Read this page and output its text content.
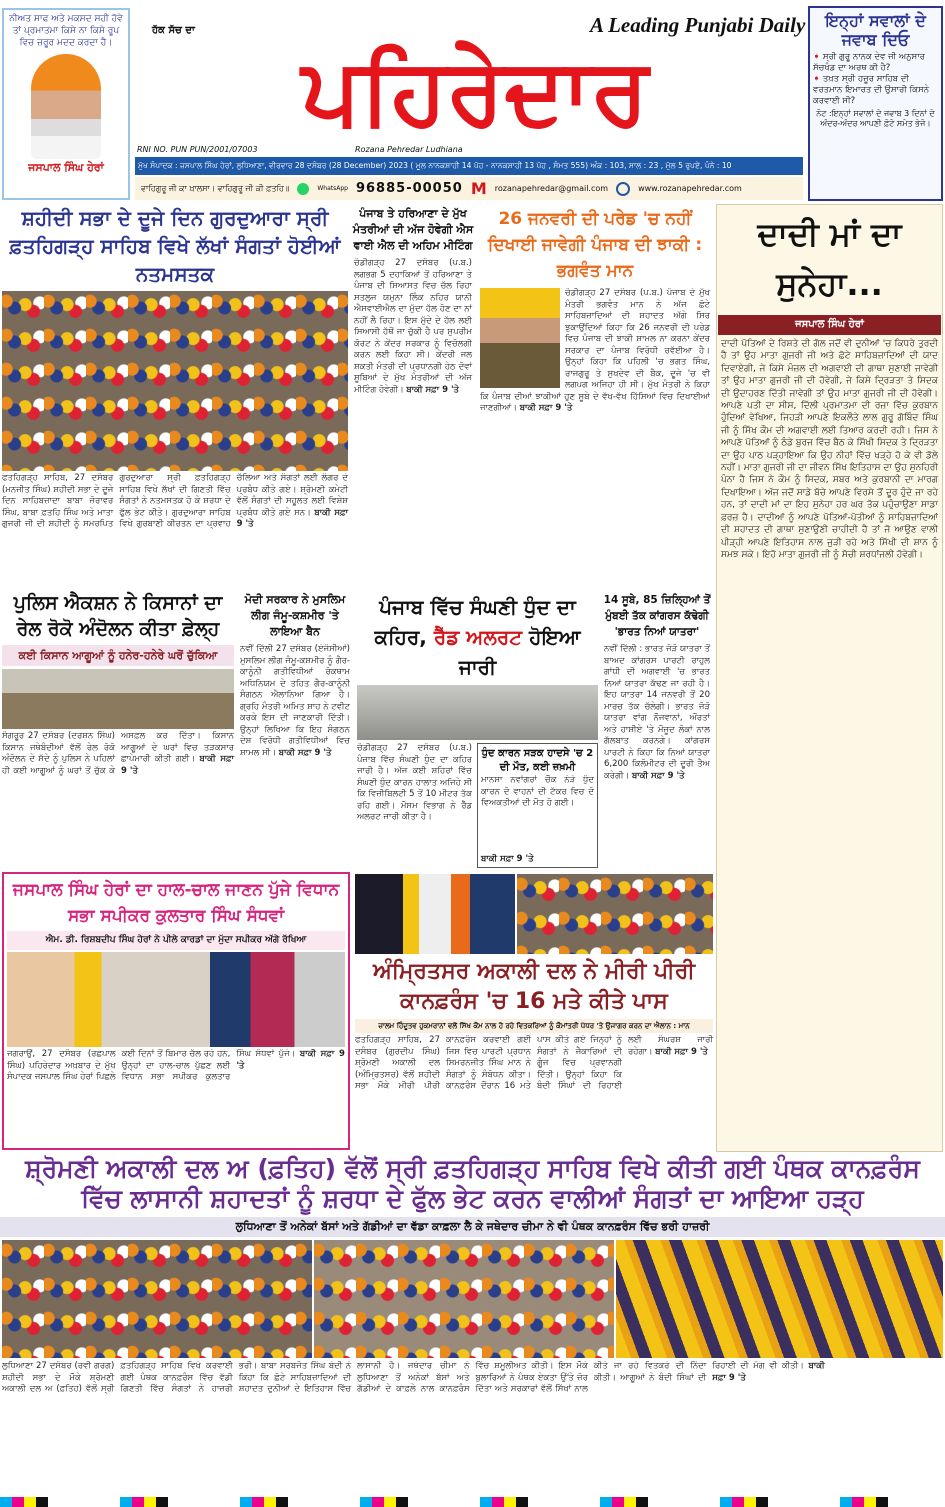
ਨੀਅਤ ਸਾਫ ਅਤੇ ਮਕਸਦ ਸਹੀ ਹੋਵੇ ਤਾਂ ਪ੍ਰਮਾਤਮਾ ਕਿਸੇ ਨਾ ਕਿਸੇ ਰੂਪ ਵਿਚ ਜ਼ਰੂਰ ਮਦਦ ਕਰਦਾ ਹੈ।
ਜਸਪਾਲ ਸਿੰਘ ਹੇਰਾਂ
ਹੱਕ ਸੱਚ ਦਾ	A Leading Punjabi Daily
ਪਹਿਰੇਦਾਰ
RNI NO. PUN PUN/2001/07003	Rozana Pehredar Ludhiana
ਮੁੱਖ ਸੰਪਾਦਕ : ਜਸਪਾਲ ਸਿੰਘ ਹੇਰਾਂ, ਲੁਧਿਆਣਾ, ਵੀਰਵਾਰ 28 ਦਸੰਬਰ (28 December) 2023 ( ਮੂਲ ਨਾਨਕਸ਼ਾਹੀ 14 ਪੋਹ - ਨਾਨਕਸ਼ਾਹੀ 13 ਪੋਹ , ਸੰਮਤ 555) ਅੰਕ : 103, ਸਾਲ : 23 , ਮੁੱਲ 5 ਰੁਪਏ, ਪੰਨੇ : 10
ਵਾਹਿਗੁਰੂ ਜੀ ਕਾ ਖ਼ਾਲਸਾ। ਵਾਹਿਗੁਰੂ ਜੀ ਕੀ ਫ਼ਤਹਿ॥	WhatsApp 96885-00050 M rozanapehredar@gmail.com	www.rozanapehredar.com
ਇਨ੍ਹਾਂ ਸਵਾਲਾਂ ਦੇ ਜਵਾਬ ਦਿਓ
➧ ਸ੍ਰੀ ਗੁਰੂ ਨਾਨਕ ਦੇਵ ਜੀ ਅਨੁਸਾਰ ਸੱਚਖੰਡ ਦਾ ਅਰਥ ਕੀ ਹੈ?
➧ ਤਖ਼ਤ ਸ੍ਰੀ ਹਜ਼ੂਰ ਸਾਹਿਬ ਦੀ ਵਰਤਮਾਨ ਇਮਾਰਤ ਦੀ ਉਸਾਰੀ ਕਿਸਨੇ ਕਰਵਾਈ ਸੀ?
ਨੋਟ :ਇਨ੍ਹਾਂ ਸਵਾਲਾਂ ਦੇ ਜਵਾਬ 3 ਦਿਨਾਂ ਦੇ ਅੰਦਰ-ਅੰਦਰ ਆਪਣੀ ਫ਼ੋਟੋ ਸਮੇਤ ਭੇਜੋ।
ਸ਼ਹੀਦੀ ਸਭਾ ਦੇ ਦੂਜੇ ਦਿਨ ਗੁਰਦੁਆਰਾ ਸ੍ਰੀ ਫ਼ਤਹਿਗੜ੍ਹ ਸਾਹਿਬ ਵਿਖੇ ਲੱਖਾਂ ਸੰਗਤਾਂ ਹੋਈਆਂ ਨਤਮਸਤਕ
ਫਤਹਿਗੜ੍ਹ ਸਾਹਿਬ, 27 ਦਸੰਬਰ (ਮਨਜੀਤ ਸਿੰਘ) ਸ਼ਹੀਦੀ ਸਭਾ ਦੇ ਦੂਜੇ ਦਿਨ ਸਾਹਿਬਜ਼ਾਦਾ ਬਾਬਾ ਜ਼ੋਰਾਵਰ ਸਿੰਘ, ਬਾਬਾ ਫ਼ਤਹਿ ਸਿੰਘ ਅਤੇ ਮਾਤਾ ਗੁਜਰੀ ਜੀ ਦੀ ਸ਼ਹੀਦੀ ਨੂੰ ਸਮਰਪਿਤ ਗੁਰਦੁਆਰਾ ਸ੍ਰੀ ਫ਼ਤਹਿਗੜ੍ਹ ਸਾਹਿਬ ਵਿਖੇ ਲੱਖਾਂ ਦੀ ਗਿਣਤੀ ਵਿੱਚ ਸੰਗਤਾਂ ਨੇ ਨਤਮਸਤਕ ਹੋ ਕੇ ਸ਼ਰਧਾ ਦੇ ਫੁੱਲ ਭੇਟ ਕੀਤੇ। ਗੁਰਦੁਆਰਾ ਸਾਹਿਬ ਵਿਖੇ ਗੁਰਬਾਣੀ ਕੀਰਤਨ ਦਾ ਪ੍ਰਵਾਹ ਚੱਲਿਆ ਅਤੇ ਸੰਗਤਾਂ ਲਈ ਲੰਗਰ ਦੇ ਪ੍ਰਬੰਧ ਕੀਤੇ ਗਏ। ਸ਼੍ਰੋਮਣੀ ਕਮੇਟੀ ਵੱਲੋਂ ਸੰਗਤਾਂ ਦੀ ਸਹੂਲਤ ਲਈ ਵਿਸ਼ੇਸ਼ ਪ੍ਰਬੰਧ ਕੀਤੇ ਗਏ ਸਨ। ਬਾਕੀ ਸਫ਼ਾ 9 'ਤੇ
ਪੰਜਾਬ ਤੇ ਹਰਿਆਣਾ ਦੇ ਮੁੱਖ ਮੰਤਰੀਆਂ ਦੀ ਅੱਜ ਹੋਵੇਗੀ ਐਸ ਵਾਈ ਐਲ ਦੀ ਅਹਿਮ ਮੀਟਿੰਗ
ਚੰਡੀਗੜ੍ਹ 27 ਦਸੰਬਰ (ਪ.ਬ.) ਲਗਭਗ 5 ਦਹਾਕਿਆਂ ਤੋਂ ਹਰਿਆਣਾ ਤੇ ਪੰਜਾਬ ਦੀ ਸਿਆਸਤ ਵਿਚ ਚੱਲ ਰਿਹਾ ਸਤਲੁਜ ਯਮੁਨਾ ਲਿੰਕ ਨਹਿਰ ਯਾਨੀ ਐਸਵਾਈਐਲ ਦਾ ਮੁੱਦਾ ਹੱਲ ਹੋਣ ਦਾ ਨਾਂ ਨਹੀਂ ਲੈ ਰਿਹਾ। ਇਸ ਮੁੱਦੇ ਦੇ ਹੱਲ ਲਈ ਸਿਆਸੀ ਹੱਥੋਂ ਜਾ ਚੁੱਕੀ ਹੈ ਪਰ ਸੁਪਰੀਮ ਕੋਰਟ ਨੇ ਕੇਂਦਰ ਸਰਕਾਰ ਨੂੰ ਵਿਚੋਲਗੀ ਕਰਨ ਲਈ ਕਿਹਾ ਸੀ। ਕੇਂਦਰੀ ਜਲ ਸ਼ਕਤੀ ਮੰਤਰੀ ਦੀ ਪ੍ਰਧਾਨਗੀ ਹੇਠ ਦੋਵਾਂ ਸੂਬਿਆਂ ਦੇ ਮੁੱਖ ਮੰਤਰੀਆਂ ਦੀ ਅੱਜ ਮੀਟਿੰਗ ਹੋਵੇਗੀ। ਬਾਕੀ ਸਫ਼ਾ 9 'ਤੇ
26 ਜਨਵਰੀ ਦੀ ਪਰੇਡ 'ਚ ਨਹੀਂ ਦਿਖਾਈ ਜਾਵੇਗੀ ਪੰਜਾਬ ਦੀ ਝਾਕੀ : ਭਗਵੰਤ ਮਾਨ
ਚੰਡੀਗੜ੍ਹ 27 ਦਸੰਬਰ (ਪ.ਬ.) ਪੰਜਾਬ ਦੇ ਮੁੱਖ ਮੰਤਰੀ ਭਗਵੰਤ ਮਾਨ ਨੇ ਅੱਜ ਛੋਟੇ ਸਾਹਿਬਜ਼ਾਦਿਆਂ ਦੀ ਸ਼ਹਾਦਤ ਅੱਗੇ ਸਿਰ ਝੁਕਾਉਂਦਿਆਂ ਕਿਹਾ ਕਿ 26 ਜਨਵਰੀ ਦੀ ਪਰੇਡ ਵਿਚ ਪੰਜਾਬ ਦੀ ਝਾਕੀ ਸ਼ਾਮਲ ਨਾ ਕਰਨਾ ਕੇਂਦਰ ਸਰਕਾਰ ਦਾ ਪੰਜਾਬ ਵਿਰੋਧੀ ਰਵੱਈਆ ਹੈ। ਉਨ੍ਹਾਂ ਕਿਹਾ ਕਿ ਪਹਿਲੀ 'ਚ ਭਗਤ ਸਿੰਘ, ਰਾਜਗੁਰੂ ਤੇ ਸੁਖਦੇਵ ਦੀ ਬੈਕ, ਦੂਜੇ 'ਚ ਵੀ ਲਗਪਗ ਅਜਿਹਾ ਹੀ ਸੀ। ਮੁੱਖ ਮੰਤਰੀ ਨੇ ਕਿਹਾ ਕਿ ਪੰਜਾਬ ਦੀਆਂ ਝਾਕੀਆਂ ਹੁਣ ਸੂਬੇ ਦੇ ਵੱਖ-ਵੱਖ ਹਿੱਸਿਆਂ ਵਿਚ ਦਿਖਾਈਆਂ ਜਾਣਗੀਆਂ। ਬਾਕੀ ਸਫ਼ਾ 9 'ਤੇ
ਦਾਦੀ ਮਾਂ ਦਾ ਸੁਨੇਹਾ...
ਜਸਪਾਲ ਸਿੰਘ ਹੇਰਾਂ
ਦਾਦੀ ਪੋਤਿਆਂ ਦੇ ਰਿਸ਼ਤੇ ਦੀ ਗੱਲ ਜਦੋਂ ਵੀ ਦੁਨੀਆਂ 'ਚ ਕਿਧਰੇ ਤੁਰਦੀ ਹੈ ਤਾਂ ਉਹ ਮਾਤਾ ਗੁਜਰੀ ਜੀ ਅਤੇ ਛੋਟੇ ਸਾਹਿਬਜ਼ਾਦਿਆਂ ਦੀ ਯਾਦ ਦਿਵਾਏਗੀ, ਜੇ ਕਿਸੇ ਮੰਜ਼ਲ ਦੀ ਅਗਵਾਈ ਦੀ ਗਾਥਾ ਸੁਣਾਈ ਜਾਵੇਗੀ ਤਾਂ ਉਹ ਮਾਤਾ ਗੁਜਰੀ ਜੀ ਦੀ ਹੋਵੇਗੀ, ਜੇ ਕਿਸੇ ਦ੍ਰਿੜਤਾ ਤੇ ਸਿਦਕ ਦੀ ਉਦਾਹਰਣ ਦਿੱਤੀ ਜਾਵੇਗੀ ਤਾਂ ਉਹ ਮਾਤਾ ਗੁਜਰੀ ਜੀ ਦੀ ਹੋਵੇਗੀ। ਆਪਣੇ ਪਤੀ ਦਾ ਸੀਸ, ਦਿੱਲੀ ਪ੍ਰਮਾਤਮਾ ਦੀ ਰਜ਼ਾ ਵਿੱਚ ਕੁਰਬਾਨ ਹੁੰਦਿਆਂ ਵੇਖਿਆ, ਜਿਹੜੀ ਆਪਣੇ ਇਕਲੌਤੇ ਲਾਲ ਗੁਰੂ ਗੋਬਿੰਦ ਸਿੰਘ ਜੀ ਨੂੰ ਸਿੱਖ ਕੌਮ ਦੀ ਅਗਵਾਈ ਲਈ ਤਿਆਰ ਕਰਦੀ ਰਹੀ। ਜਿਸ ਨੇ ਆਪਣੇ ਪੋਤਿਆਂ ਨੂੰ ਠੰਡੇ ਬੁਰਜ ਵਿੱਚ ਬੈਠ ਕੇ ਸਿੱਖੀ ਸਿਦਕ ਤੇ ਦ੍ਰਿੜਤਾ ਦਾ ਉਹ ਪਾਠ ਪੜ੍ਹਾਇਆ ਕਿ ਉਹ ਨੀਹਾਂ ਵਿੱਚ ਖੜ੍ਹੇ ਹੋ ਕੇ ਵੀ ਡੋਲੇ ਨਹੀਂ। ਮਾਤਾ ਗੁਜਰੀ ਜੀ ਦਾ ਜੀਵਨ ਸਿੱਖ ਇਤਿਹਾਸ ਦਾ ਉਹ ਸੁਨਹਿਰੀ ਪੰਨਾ ਹੈ ਜਿਸ ਨੇ ਕੌਮ ਨੂੰ ਸਿਦਕ, ਸਬਰ ਅਤੇ ਕੁਰਬਾਨੀ ਦਾ ਮਾਰਗ ਦਿਖਾਇਆ। ਅੱਜ ਜਦੋਂ ਸਾਡੇ ਬੱਚੇ ਆਪਣੇ ਵਿਰਸੇ ਤੋਂ ਦੂਰ ਹੁੰਦੇ ਜਾ ਰਹੇ ਹਨ, ਤਾਂ ਦਾਦੀ ਮਾਂ ਦਾ ਇਹ ਸੁਨੇਹਾ ਹਰ ਘਰ ਤੱਕ ਪਹੁੰਚਾਉਣਾ ਸਾਡਾ ਫ਼ਰਜ਼ ਹੈ। ਦਾਦੀਆਂ ਨੂੰ ਆਪਣੇ ਪੋਤਿਆਂ-ਪੋਤੀਆਂ ਨੂੰ ਸਾਹਿਬਜ਼ਾਦਿਆਂ ਦੀ ਸ਼ਹਾਦਤ ਦੀ ਗਾਥਾ ਸੁਣਾਉਣੀ ਚਾਹੀਦੀ ਹੈ ਤਾਂ ਜੋ ਆਉਣ ਵਾਲੀ ਪੀੜ੍ਹੀ ਆਪਣੇ ਇਤਿਹਾਸ ਨਾਲ ਜੁੜੀ ਰਹੇ ਅਤੇ ਸਿੱਖੀ ਦੀ ਸ਼ਾਨ ਨੂੰ ਸਮਝ ਸਕੇ। ਇਹੋ ਮਾਤਾ ਗੁਜਰੀ ਜੀ ਨੂੰ ਸੱਚੀ ਸ਼ਰਧਾਂਜਲੀ ਹੋਵੇਗੀ।
ਪੁਲਿਸ ਐਕਸ਼ਨ ਨੇ ਕਿਸਾਨਾਂ ਦਾ ਰੇਲ ਰੋਕੋ ਅੰਦੋਲਨ ਕੀਤਾ ਫ਼ੇਲ੍ਹ
ਕਈ ਕਿਸਾਨ ਆਗੂਆਂ ਨੂੰ ਹਨੇਰ-ਹਨੇਰੇ ਘਰੋਂ ਚੁੱਕਿਆ
ਸੰਗਰੂਰ 27 ਦਸੰਬਰ (ਦਰਸ਼ਨ ਸਿੰਘ) ਕਿਸਾਨ ਜਥੇਬੰਦੀਆਂ ਵੱਲੋਂ ਰੇਲ ਰੋਕੋ ਅੰਦੋਲਨ ਦੇ ਸੱਦੇ ਨੂੰ ਪੁਲਿਸ ਨੇ ਪਹਿਲਾਂ ਹੀ ਕਈ ਆਗੂਆਂ ਨੂੰ ਘਰਾਂ ਤੋਂ ਚੁੱਕ ਕੇ ਅਸਫ਼ਲ ਕਰ ਦਿੱਤਾ। ਕਿਸਾਨ ਆਗੂਆਂ ਦੇ ਘਰਾਂ ਵਿਚ ਤੜਕਸਾਰ ਛਾਪੇਮਾਰੀ ਕੀਤੀ ਗਈ। ਬਾਕੀ ਸਫ਼ਾ 9 'ਤੇ
ਮੋਦੀ ਸਰਕਾਰ ਨੇ ਮੁਸਲਿਮ ਲੀਗ ਜੰਮੂ-ਕਸ਼ਮੀਰ 'ਤੇ ਲਾਇਆ ਬੈਨ
ਨਵੀਂ ਦਿੱਲੀ 27 ਦਸੰਬਰ (ਏਜੰਸੀਆਂ) ਮੁਸਲਿਮ ਲੀਗ ਜੰਮੂ-ਕਸ਼ਮੀਰ ਨੂੰ ਗੈਰ-ਕਾਨੂੰਨੀ ਗਤੀਵਿਧੀਆਂ ਰੋਕਥਾਮ ਅਧਿਨਿਯਮ ਦੇ ਤਹਿਤ ਗੈਰ-ਕਾਨੂੰਨੀ ਸੰਗਠਨ ਐਲਾਨਿਆ ਗਿਆ ਹੈ। ਗ੍ਰਹਿ ਮੰਤਰੀ ਅਮਿਤ ਸ਼ਾਹ ਨੇ ਟਵੀਟ ਕਰਕੇ ਇਸ ਦੀ ਜਾਣਕਾਰੀ ਦਿੱਤੀ। ਉਨ੍ਹਾਂ ਲਿਖਿਆ ਕਿ ਇਹ ਸੰਗਠਨ ਦੇਸ਼ ਵਿਰੋਧੀ ਗਤੀਵਿਧੀਆਂ ਵਿਚ ਸ਼ਾਮਲ ਸੀ। ਬਾਕੀ ਸਫ਼ਾ 9 'ਤੇ
ਪੰਜਾਬ ਵਿੱਚ ਸੰਘਣੀ ਧੁੰਦ ਦਾ ਕਹਿਰ, ਰੈੱਡ ਅਲਰਟ ਹੋਇਆ ਜਾਰੀ
ਚੰਡੀਗੜ੍ਹ 27 ਦਸੰਬਰ (ਪ.ਬ.) ਪੰਜਾਬ ਵਿੱਚ ਸੰਘਣੀ ਧੁੰਦ ਦਾ ਕਹਿਰ ਜਾਰੀ ਹੈ। ਅੱਜ ਕਈ ਸ਼ਹਿਰਾਂ ਵਿੱਚ ਸੰਘਣੀ ਧੁੰਦ ਕਾਰਨ ਹਾਲਾਤ ਅਜਿਹੇ ਸੀ ਕਿ ਵਿਜ਼ੀਬਿਲਟੀ 5 ਤੋਂ 10 ਮੀਟਰ ਤੱਕ ਰਹਿ ਗਈ। ਮੌਸਮ ਵਿਭਾਗ ਨੇ ਰੈੱਡ ਅਲਰਟ ਜਾਰੀ ਕੀਤਾ ਹੈ।
ਧੁੰਦ ਕਾਰਨ ਸੜਕ ਹਾਦਸੇ 'ਚ 2 ਦੀ ਮੌਤ, ਕਈ ਜ਼ਖ਼ਮੀ
ਮਾਨਸਾ ਨਵਾਂਗਰਾਂ ਚੌਕ ਨੇੜੇ ਧੁੰਦ ਕਾਰਨ ਦੋ ਵਾਹਨਾਂ ਦੀ ਟੱਕਰ ਵਿਚ ਦੋ ਵਿਅਕਤੀਆਂ ਦੀ ਮੌਤ ਹੋ ਗਈ।
ਬਾਕੀ ਸਫ਼ਾ 9 'ਤੇ
14 ਸੂਬੇ, 85 ਜ਼ਿਲ੍ਹਿਆਂ ਤੋਂ ਮੁੰਬਈ ਤੱਕ ਕਾਂਗਰਸ ਕੱਢੇਗੀ 'ਭਾਰਤ ਨਿਆਂ ਯਾਤਰਾ'
ਨਵੀਂ ਦਿੱਲੀ : ਭਾਰਤ ਜੋੜੋ ਯਾਤਰਾ ਤੋਂ ਬਾਅਦ ਕਾਂਗਰਸ ਪਾਰਟੀ ਰਾਹੁਲ ਗਾਂਧੀ ਦੀ ਅਗਵਾਈ 'ਚ ਭਾਰਤ ਨਿਆਂ ਯਾਤਰਾ ਕੱਢਣ ਜਾ ਰਹੀ ਹੈ। ਇਹ ਯਾਤਰਾ 14 ਜਨਵਰੀ ਤੋਂ 20 ਮਾਰਚ ਤੱਕ ਚੱਲੇਗੀ। ਭਾਰਤ ਜੋੜੋ ਯਾਤਰਾ ਵਾਂਗ ਨੌਜਵਾਨਾਂ, ਔਰਤਾਂ ਅਤੇ ਹਾਸ਼ੀਏ 'ਤੇ ਮੌਜੂਦ ਲੋਕਾਂ ਨਾਲ ਗੱਲਬਾਤ ਕਰਨਗੇ। ਕਾਂਗਰਸ ਪਾਰਟੀ ਨੇ ਕਿਹਾ ਕਿ ਨਿਆਂ ਯਾਤਰਾ 6,200 ਕਿਲੋਮੀਟਰ ਦੀ ਦੂਰੀ ਤੈਅ ਕਰੇਗੀ। ਬਾਕੀ ਸਫ਼ਾ 9 'ਤੇ
ਜਸਪਾਲ ਸਿੰਘ ਹੇਰਾਂ ਦਾ ਹਾਲ-ਚਾਲ ਜਾਣਨ ਪੁੱਜੇ ਵਿਧਾਨ ਸਭਾ ਸਪੀਕਰ ਕੁਲਤਾਰ ਸਿੰਘ ਸੰਧਵਾਂ
ਐਮ. ਡੀ. ਰਿਸ਼ਬਦੀਪ ਸਿੰਘ ਹੇਰਾਂ ਨੇ ਪੀਲੇ ਕਾਰਡਾਂ ਦਾ ਮੁੱਦਾ ਸਪੀਕਰ ਅੱਗੇ ਰੱਖਿਆ
ਜਗਰਾਉਂ, 27 ਦਸੰਬਰ (ਰਛਪਾਲ ਸਿੰਘ) ਪਹਿਰੇਦਾਰ ਅਖ਼ਬਾਰ ਦੇ ਮੁੱਖ ਸੰਪਾਦਕ ਜਸਪਾਲ ਸਿੰਘ ਹੇਰਾਂ ਪਿਛਲੇ ਕਈ ਦਿਨਾਂ ਤੋਂ ਬਿਮਾਰ ਚੱਲ ਰਹੇ ਹਨ, ਉਨ੍ਹਾਂ ਦਾ ਹਾਲ-ਚਾਲ ਪੁੱਛਣ ਲਈ ਵਿਧਾਨ ਸਭਾ ਸਪੀਕਰ ਕੁਲਤਾਰ ਸਿੰਘ ਸੰਧਵਾਂ ਪੁੱਜੇ। ਬਾਕੀ ਸਫ਼ਾ 9 'ਤੇ
ਅੰਮ੍ਰਿਤਸਰ ਅਕਾਲੀ ਦਲ ਨੇ ਮੀਰੀ ਪੀਰੀ ਕਾਨਫ਼ਰੰਸ 'ਚ 16 ਮਤੇ ਕੀਤੇ ਪਾਸ
ਜ਼ਾਲਮ ਹਿੰਦੂਤਵ ਹੁਕਮਰਾਨਾਂ ਵਲੋਂ ਸਿੱਖ ਕੌਮ ਨਾਲ ਹੋ ਰਹੇ ਵਿਤਕਰਿਆਂ ਨੂੰ ਕੌਮਾਂਤਰੀ ਪੱਧਰ 'ਤੇ ਉਜਾਗਰ ਕਰਨ ਦਾ ਐਲਾਨ : ਮਾਨ
ਫਤਹਿਗੜ੍ਹ ਸਾਹਿਬ, 27 ਦਸੰਬਰ (ਗੁਰਦੀਪ ਸਿੰਘ) ਸ਼੍ਰੋਮਣੀ ਅਕਾਲੀ ਦਲ (ਅੰਮ੍ਰਿਤਸਰ) ਵੱਲੋਂ ਸ਼ਹੀਦੀ ਸਭਾ ਮੌਕੇ ਮੀਰੀ ਪੀਰੀ ਕਾਨਫ਼ਰੰਸ ਕਰਵਾਈ ਗਈ ਜਿਸ ਵਿਚ ਪਾਰਟੀ ਪ੍ਰਧਾਨ ਸਿਮਰਨਜੀਤ ਸਿੰਘ ਮਾਨ ਨੇ ਸੰਗਤਾਂ ਨੂੰ ਸੰਬੋਧਨ ਕੀਤਾ। ਕਾਨਫ਼ਰੰਸ ਦੌਰਾਨ 16 ਮਤੇ ਪਾਸ ਕੀਤੇ ਗਏ ਜਿਨ੍ਹਾਂ ਨੂੰ ਸੰਗਤਾਂ ਨੇ ਜੈਕਾਰਿਆਂ ਦੀ ਗੂੰਜ ਵਿਚ ਪ੍ਰਵਾਨਗੀ ਦਿੱਤੀ। ਉਨ੍ਹਾਂ ਕਿਹਾ ਕਿ ਬੰਦੀ ਸਿੰਘਾਂ ਦੀ ਰਿਹਾਈ ਲਈ ਸੰਘਰਸ਼ ਜਾਰੀ ਰਹੇਗਾ। ਬਾਕੀ ਸਫ਼ਾ 9 'ਤੇ
ਸ਼੍ਰੋਮਣੀ ਅਕਾਲੀ ਦਲ ਅ (ਫ਼ਤਿਹ) ਵੱਲੋਂ ਸ੍ਰੀ ਫ਼ਤਹਿਗੜ੍ਹ ਸਾਹਿਬ ਵਿਖੇ ਕੀਤੀ ਗਈ ਪੰਥਕ ਕਾਨਫ਼ਰੰਸ ਵਿੱਚ ਲਾਸਾਨੀ ਸ਼ਹਾਦਤਾਂ ਨੂੰ ਸ਼ਰਧਾ ਦੇ ਫੁੱਲ ਭੇਟ ਕਰਨ ਵਾਲੀਆਂ ਸੰਗਤਾਂ ਦਾ ਆਇਆ ਹੜ੍ਹ
ਲੁਧਿਆਣਾ ਤੋਂ ਅਨੇਕਾਂ ਬੱਸਾਂ ਅਤੇ ਗੱਡੀਆਂ ਦਾ ਵੱਡਾ ਕਾਫ਼ਲਾ ਲੈ ਕੇ ਜਥੇਦਾਰ ਚੀਮਾ ਨੇ ਵੀ ਪੰਥਕ ਕਾਨਫ਼ਰੰਸ ਵਿੱਚ ਭਰੀ ਹਾਜ਼ਰੀ
ਲੁਧਿਆਣਾ 27 ਦਸੰਬਰ (ਰਵੀ ਗਰਗ) ਸ਼ਹੀਦੀ ਸਭਾ ਦੇ ਮੌਕੇ ਸ਼੍ਰੋਮਣੀ ਅਕਾਲੀ ਦਲ ਅ (ਫ਼ਤਿਹ) ਵੱਲੋਂ ਸ੍ਰੀ ਫ਼ਤਹਿਗੜ੍ਹ ਸਾਹਿਬ ਵਿਖੇ ਕਰਵਾਈ ਗਈ ਪੰਥਕ ਕਾਨਫ਼ਰੰਸ ਵਿੱਚ ਵੱਡੀ ਗਿਣਤੀ ਵਿੱਚ ਸੰਗਤਾਂ ਨੇ ਹਾਜ਼ਰੀ ਭਰੀ। ਬਾਬਾ ਸਰਬਜੋਤ ਸਿੰਘ ਬੇਦੀ ਨੇ ਕਿਹਾ ਕਿ ਛੋਟੇ ਸਾਹਿਬਜ਼ਾਦਿਆਂ ਦੀ ਸ਼ਹਾਦਤ ਦੁਨੀਆਂ ਦੇ ਇਤਿਹਾਸ ਵਿੱਚ ਲਾਸਾਨੀ ਹੈ। ਜਥੇਦਾਰ ਚੀਮਾ ਨੇ ਲੁਧਿਆਣਾ ਤੋਂ ਅਨੇਕਾਂ ਬੱਸਾਂ ਅਤੇ ਗੱਡੀਆਂ ਦੇ ਕਾਫ਼ਲੇ ਨਾਲ ਕਾਨਫ਼ਰੰਸ ਵਿੱਚ ਸ਼ਮੂਲੀਅਤ ਕੀਤੀ। ਇਸ ਮੌਕੇ ਬੁਲਾਰਿਆਂ ਨੇ ਪੰਥਕ ਏਕਤਾ ਉੱਤੇ ਜ਼ੋਰ ਦਿੱਤਾ ਅਤੇ ਸਰਕਾਰਾਂ ਵੱਲੋਂ ਸਿੱਖਾਂ ਨਾਲ ਕੀਤੇ ਜਾ ਰਹੇ ਵਿਤਕਰੇ ਦੀ ਨਿੰਦਾ ਕੀਤੀ। ਆਗੂਆਂ ਨੇ ਬੰਦੀ ਸਿੰਘਾਂ ਦੀ ਰਿਹਾਈ ਦੀ ਮੰਗ ਵੀ ਕੀਤੀ। ਬਾਕੀ ਸਫ਼ਾ 9 'ਤੇ
